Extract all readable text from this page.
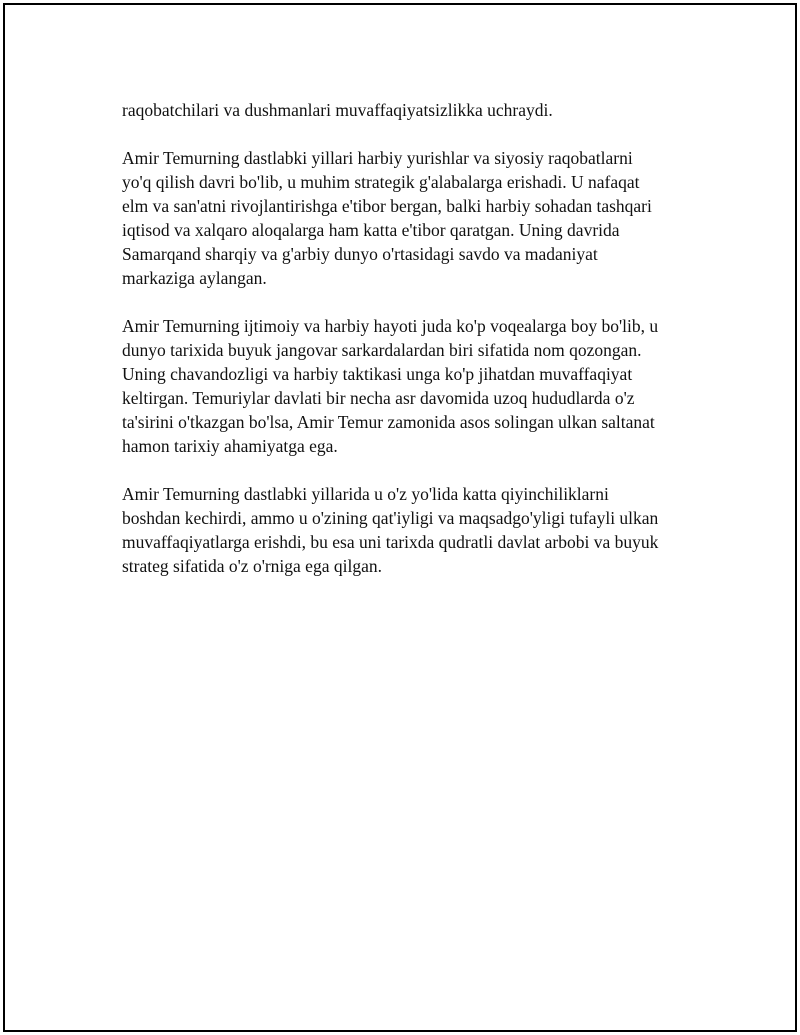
raqobatchilari va dushmanlari muvaffaqiyatsizlikka uchraydi.

Amir Temurning dastlabki yillari harbiy yurishlar va siyosiy raqobatlarni
yo'q qilish davri bo'lib, u muhim strategik g'alabalarga erishadi. U nafaqat
elm va san'atni rivojlantirishga e'tibor bergan, balki harbiy sohadan tashqari
iqtisod va xalqaro aloqalarga ham katta e'tibor qaratgan. Uning davrida
Samarqand sharqiy va g'arbiy dunyo o'rtasidagi savdo va madaniyat
markaziga aylangan.

Amir Temurning ijtimoiy va harbiy hayoti juda ko'p voqealarga boy bo'lib, u
dunyo tarixida buyuk jangovar sarkardalardan biri sifatida nom qozongan.
Uning chavandozligi va harbiy taktikasi unga ko'p jihatdan muvaffaqiyat
keltirgan. Temuriylar davlati bir necha asr davomida uzoq hududlarda o'z
ta'sirini o'tkazgan bo'lsa, Amir Temur zamonida asos solingan ulkan saltanat
hamon tarixiy ahamiyatga ega.

Amir Temurning dastlabki yillarida u o'z yo'lida katta qiyinchiliklarni
boshdan kechirdi, ammo u o'zining qat'iyligi va maqsadgo'yligi tufayli ulkan
muvaffaqiyatlarga erishdi, bu esa uni tarixda qudratli davlat arbobi va buyuk
strateg sifatida o'z o'rniga ega qilgan.
